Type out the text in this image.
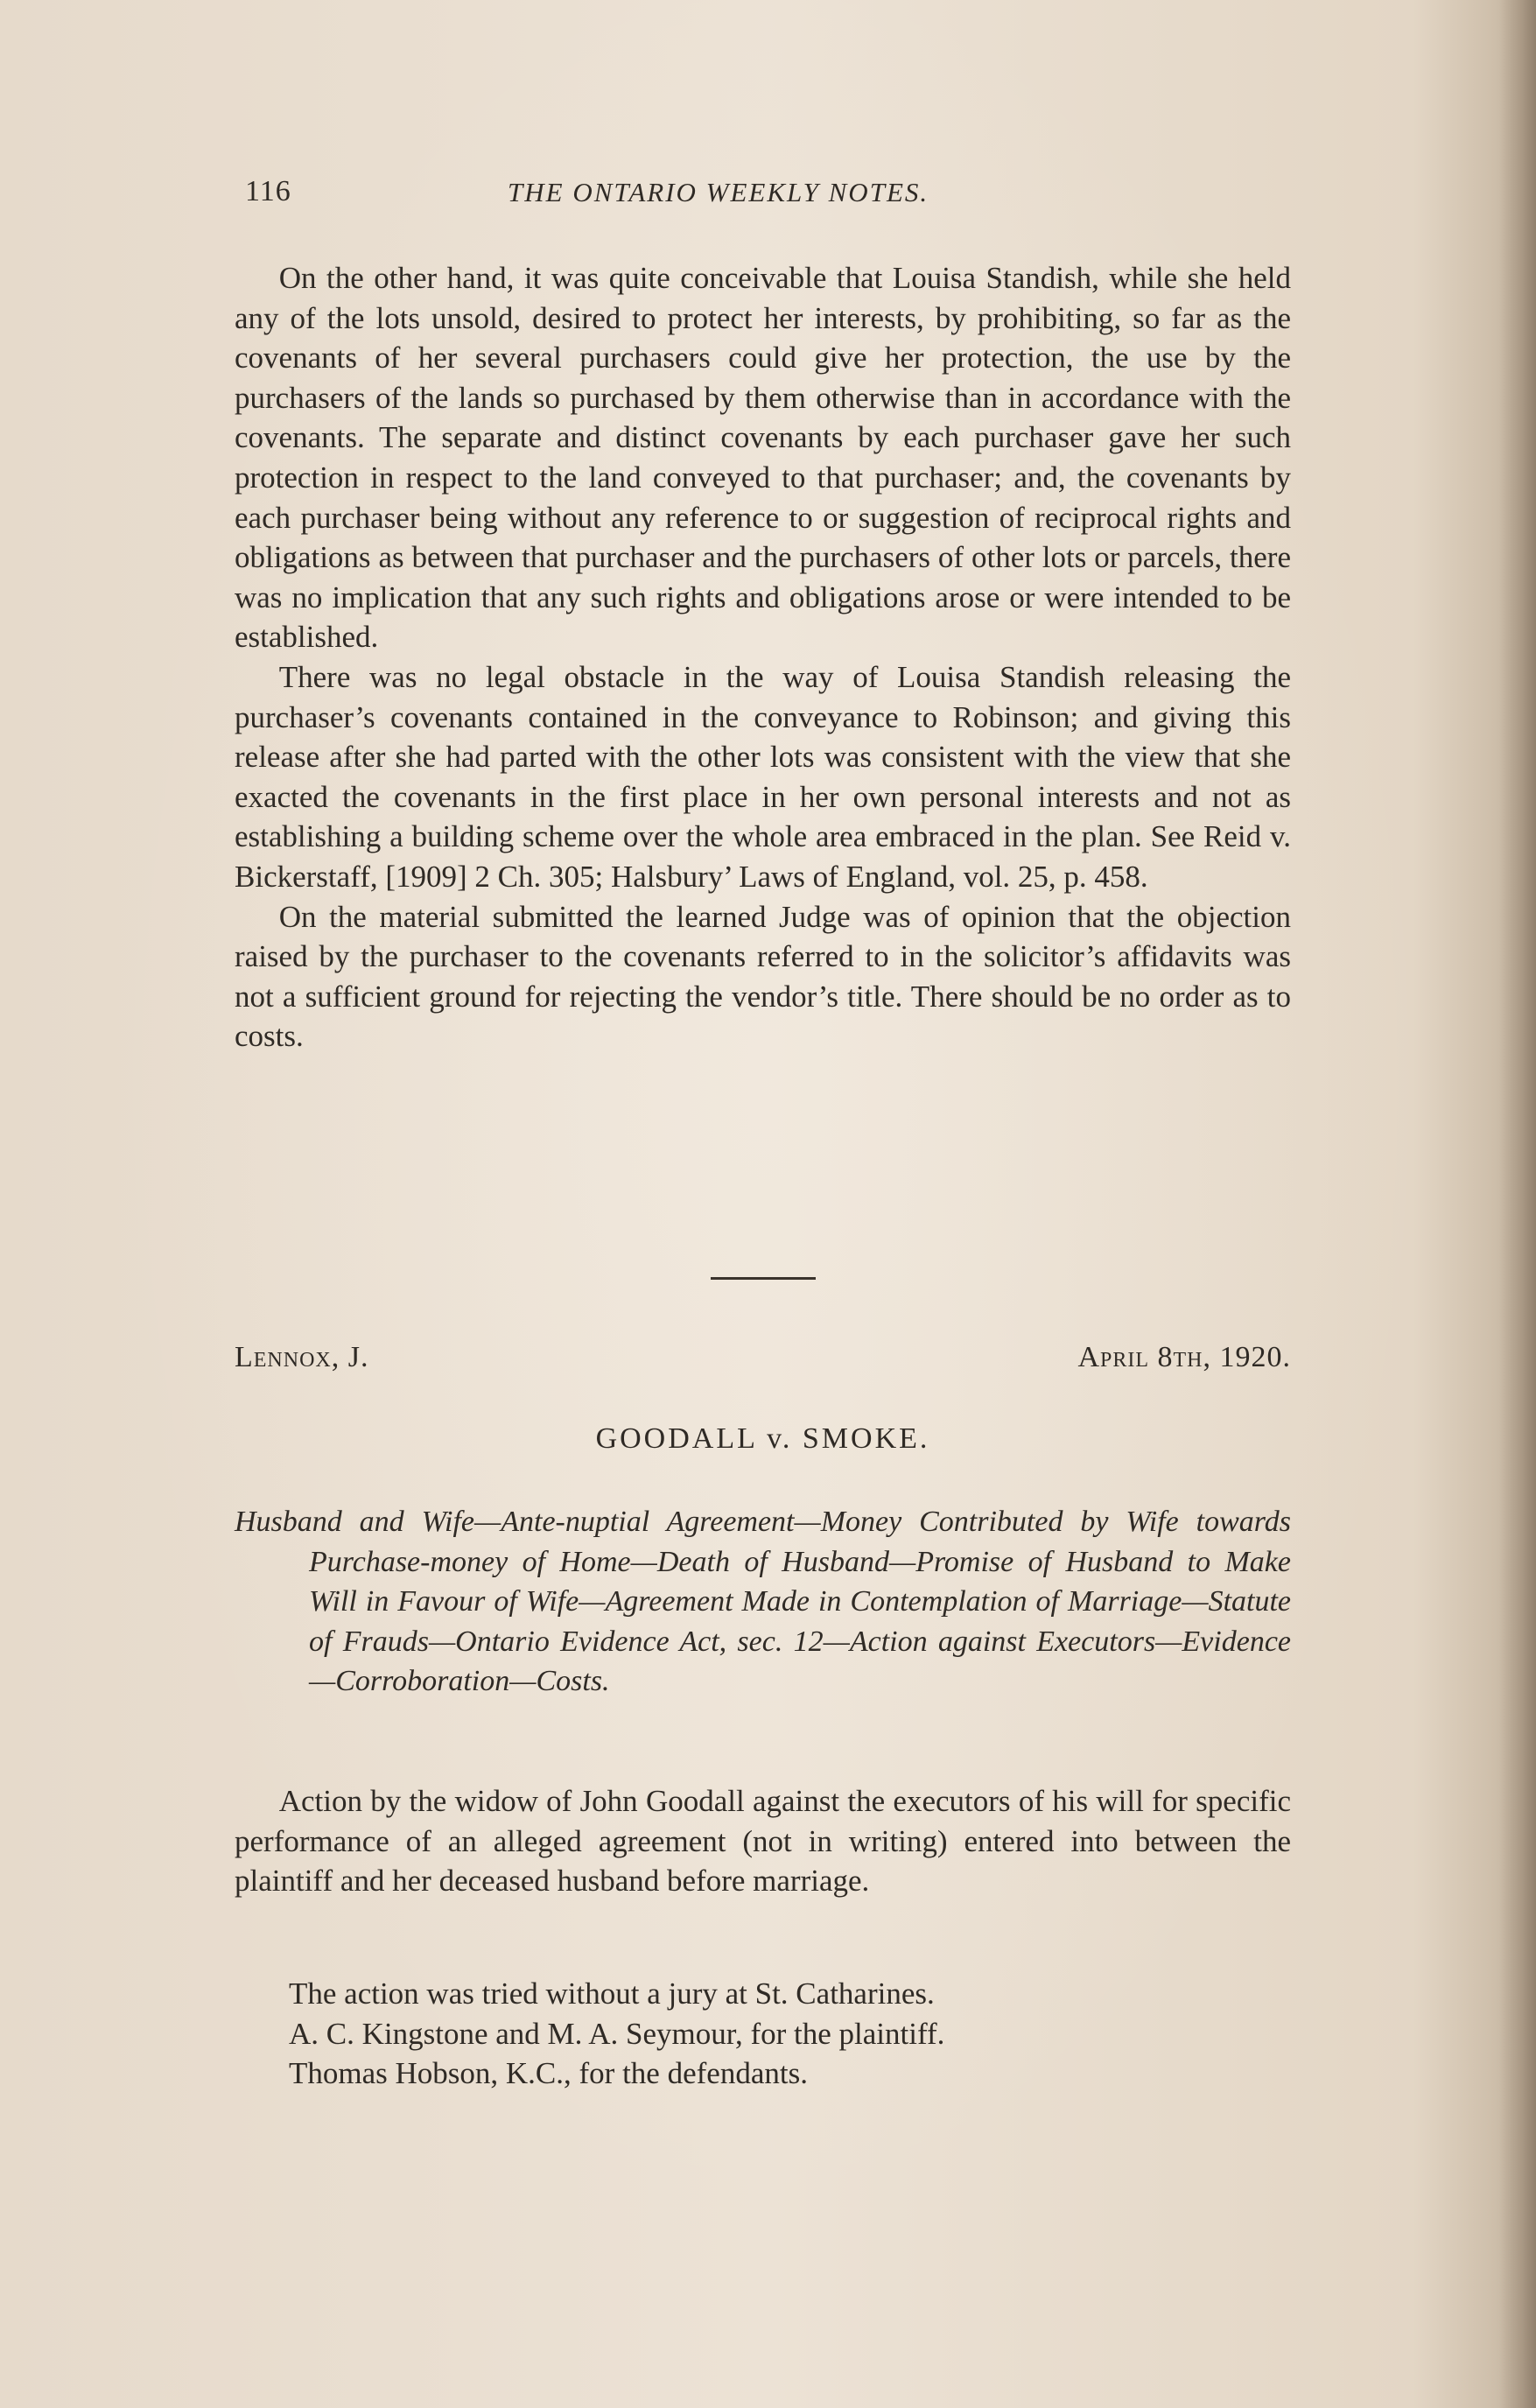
116	THE ONTARIO WEEKLY NOTES.

On the other hand, it was quite conceivable that Louisa Standish, while she held any of the lots unsold, desired to protect her interests, by prohibiting, so far as the covenants of her several purchasers could give her protection, the use by the purchasers of the lands so purchased by them otherwise than in accordance with the covenants. The separate and distinct covenants by each purchaser gave her such protection in respect to the land conveyed to that purchaser; and, the covenants by each purchaser being without any reference to or suggestion of reciprocal rights and obligations as between that purchaser and the purchasers of other lots or parcels, there was no implication that any such rights and obligations arose or were intended to be established.

There was no legal obstacle in the way of Louisa Standish releasing the purchaser’s covenants contained in the conveyance to Robinson; and giving this release after she had parted with the other lots was consistent with the view that she exacted the covenants in the first place in her own personal interests and not as establishing a building scheme over the whole area embraced in the plan. See Reid v. Bickerstaff, [1909] 2 Ch. 305; Halsbury’ Laws of England, vol. 25, p. 458.

On the material submitted the learned Judge was of opinion that the objection raised by the purchaser to the covenants referred to in the solicitor’s affidavits was not a sufficient ground for rejecting the vendor’s title. There should be no order as to costs.

Lennox, J.	April 8th, 1920.
GOODALL v. SMOKE.
Husband and Wife—Ante-nuptial Agreement—Money Contributed by Wife towards Purchase-money of Home—Death of Husband—Promise of Husband to Make Will in Favour of Wife—Agreement Made in Contemplation of Marriage—Statute of Frauds—Ontario Evidence Act, sec. 12—Action against Executors—Evidence—Corroboration—Costs.

Action by the widow of John Goodall against the executors of his will for specific performance of an alleged agreement (not in writing) entered into between the plaintiff and her deceased husband before marriage.

The action was tried without a jury at St. Catharines.
A. C. Kingstone and M. A. Seymour, for the plaintiff.
Thomas Hobson, K.C., for the defendants.
